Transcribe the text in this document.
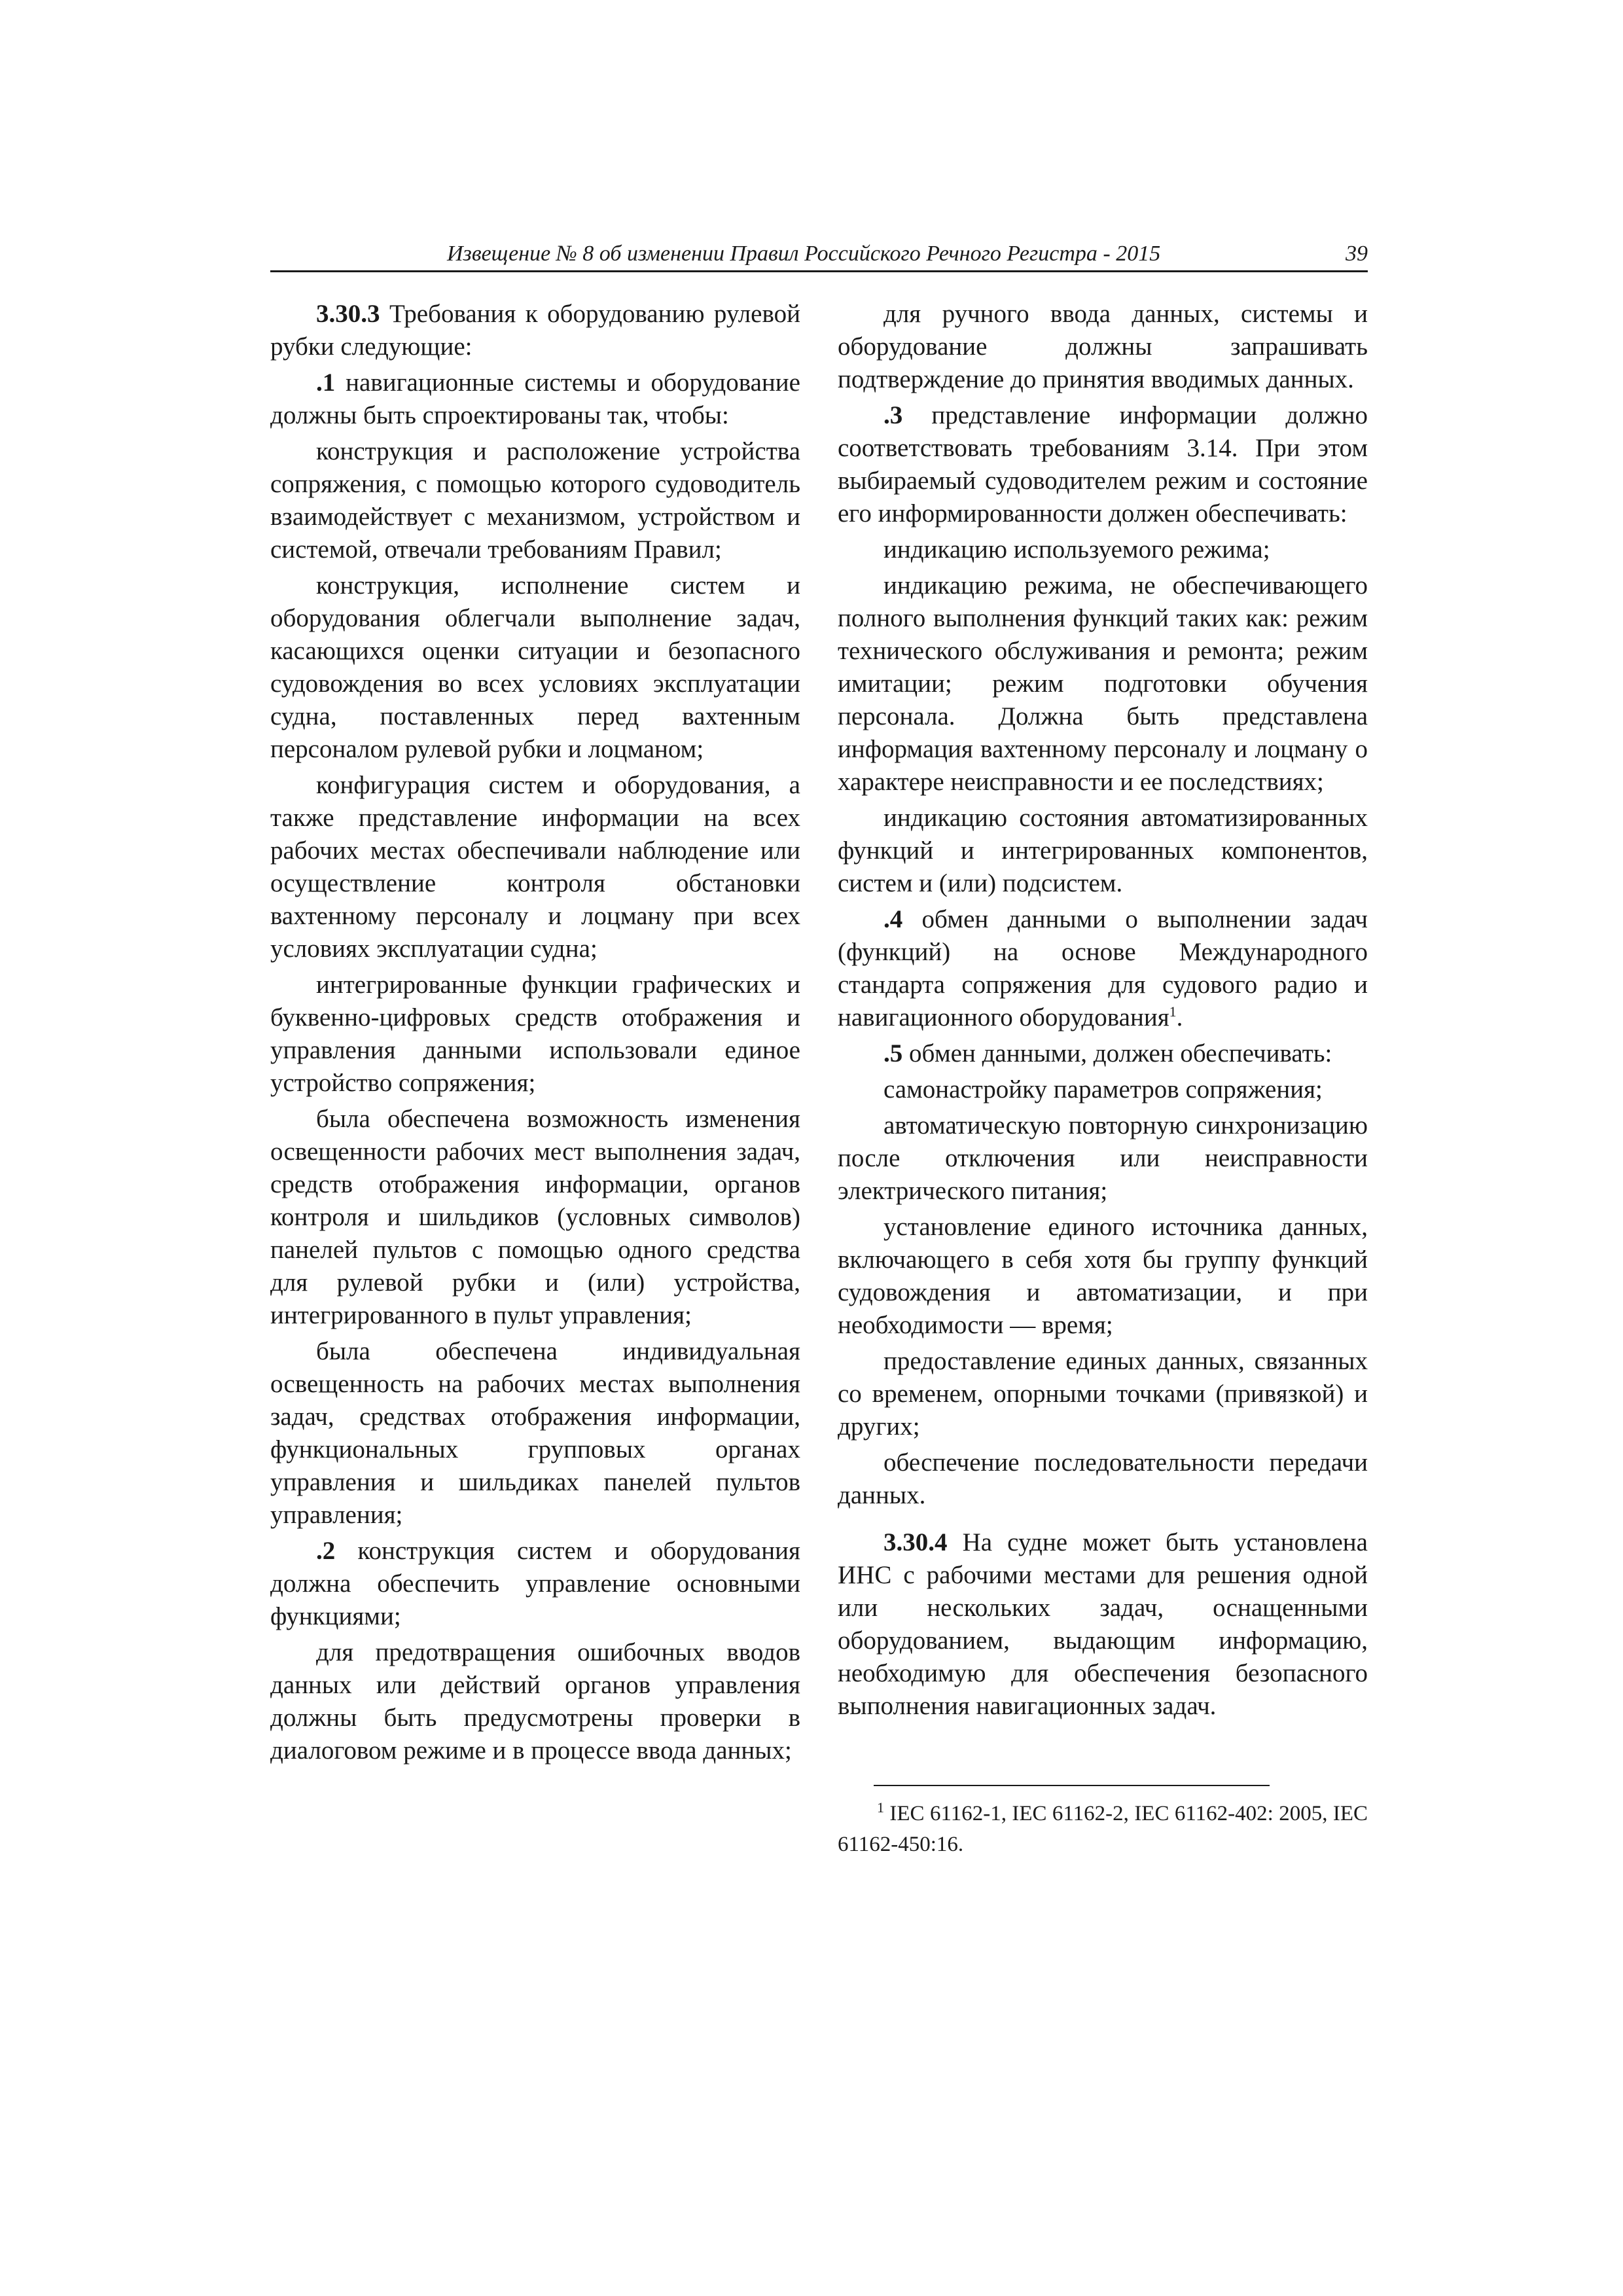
Извещение № 8 об изменении Правил Российского Речного Регистра - 2015	39

3.30.3 Требования к оборудованию рулевой рубки следующие:

.1 навигационные системы и оборудование должны быть спроектированы так, чтобы:

конструкция и расположение устройства сопряжения, с помощью которого судоводитель взаимодействует с механизмом, устройством и системой, отвечали требованиям Правил;

конструкция, исполнение систем и оборудования облегчали выполнение задач, касающихся оценки ситуации и безопасного судовождения во всех условиях эксплуатации судна, поставленных перед вахтенным персоналом рулевой рубки и лоцманом;

конфигурация систем и оборудования, а также представление информации на всех рабочих местах обеспечивали наблюдение или осуществление контроля обстановки вахтенному персоналу и лоцману при всех условиях эксплуатации судна;

интегрированные функции графических и буквенно-цифровых средств отображения и управления данными использовали единое устройство сопряжения;

была обеспечена возможность изменения освещенности рабочих мест выполнения задач, средств отображения информации, органов контроля и шильдиков (условных символов) панелей пультов с помощью одного средства для рулевой рубки и (или) устройства, интегрированного в пульт управления;

была обеспечена индивидуальная освещенность на рабочих местах выполнения задач, средствах отображения информации, функциональных групповых органах управления и шильдиках панелей пультов управления;

.2 конструкция систем и оборудования должна обеспечить управление основными функциями;

для предотвращения ошибочных вводов данных или действий органов управления должны быть предусмотрены проверки в диалоговом режиме и в процессе ввода данных;

для ручного ввода данных, системы и оборудование должны запрашивать подтверждение до принятия вводимых данных.

.3 представление информации должно соответствовать требованиям 3.14. При этом выбираемый судоводителем режим и состояние его информированности должен обеспечивать:

индикацию используемого режима;

индикацию режима, не обеспечивающего полного выполнения функций таких как: режим технического обслуживания и ремонта; режим имитации; режим подготовки обучения персонала. Должна быть представлена информация вахтенному персоналу и лоцману о характере неисправности и ее последствиях;

индикацию состояния автоматизированных функций и интегрированных компонентов, систем и (или) подсистем.

.4 обмен данными о выполнении задач (функций) на основе Международного стандарта сопряжения для судового радио и навигационного оборудования$^1$.

.5 обмен данными, должен обеспечивать:

самонастройку параметров сопряжения;

автоматическую повторную синхронизацию после отключения или неисправности электрического питания;

установление единого источника данных, включающего в себя хотя бы группу функций судовождения и автоматизации, и при необходимости — время;

предоставление единых данных, связанных со временем, опорными точками (привязкой) и других;

обеспечение последовательности передачи данных.

3.30.4 На судне может быть установлена ИНС с рабочими местами для решения одной или нескольких задач, оснащенными оборудованием, выдающим информацию, необходимую для обеспечения безопасного выполнения навигационных задач.

$^1$ IEC 61162-1, IEC 61162-2, IEC 61162-402: 2005, IEC 61162-450:16.
